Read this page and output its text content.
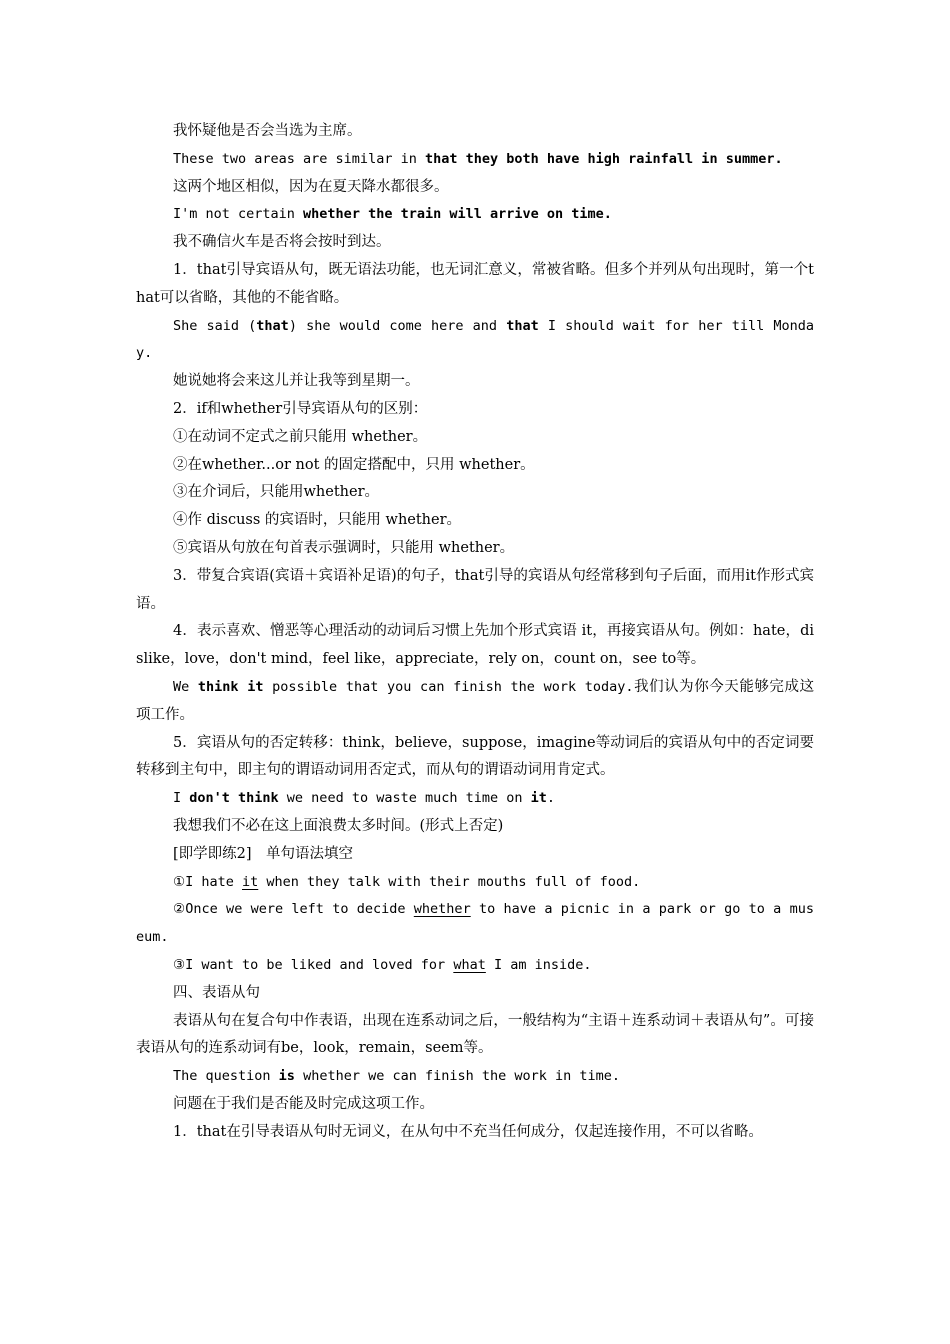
我怀疑他是否会当选为主席。

These two areas are similar in that they both have high rainfall in summer.

这两个地区相似，因为在夏天降水都很多。

I'm not certain whether the train will arrive on time.

我不确信火车是否将会按时到达。

1．that引导宾语从句，既无语法功能，也无词汇意义，常被省略。但多个并列从句出现时，第一个that可以省略，其他的不能省略。

She said (that) she would come here and that I should wait for her till Monday.

她说她将会来这儿并让我等到星期一。

2．if和whether引导宾语从句的区别：

①在动词不定式之前只能用 whether。

②在whether...or not 的固定搭配中，只用 whether。

③在介词后，只能用whether。

④作 discuss 的宾语时，只能用 whether。

⑤宾语从句放在句首表示强调时，只能用 whether。

3．带复合宾语(宾语＋宾语补足语)的句子，that引导的宾语从句经常移到句子后面，而用it作形式宾语。

4．表示喜欢、憎恶等心理活动的动词后习惯上先加个形式宾语 it，再接宾语从句。例如：hate，dislike，love，don't mind，feel like，appreciate，rely on，count on，see to等。

We think it possible that you can finish the work today.我们认为你今天能够完成这项工作。

5．宾语从句的否定转移：think，believe，suppose，imagine等动词后的宾语从句中的否定词要转移到主句中，即主句的谓语动词用否定式，而从句的谓语动词用肯定式。

I don't think we need to waste much time on it.

我想我们不必在这上面浪费太多时间。(形式上否定)

[即学即练2]　单句语法填空

①I hate it when they talk with their mouths full of food.

②Once we were left to decide whether to have a picnic in a park or go to a museum.

③I want to be liked and loved for what I am inside.

四、表语从句

表语从句在复合句中作表语，出现在连系动词之后，一般结构为“主语＋连系动词＋表语从句”。可接表语从句的连系动词有be，look，remain，seem等。

The question is whether we can finish the work in time.

问题在于我们是否能及时完成这项工作。

1．that在引导表语从句时无词义，在从句中不充当任何成分，仅起连接作用，不可以省略。
